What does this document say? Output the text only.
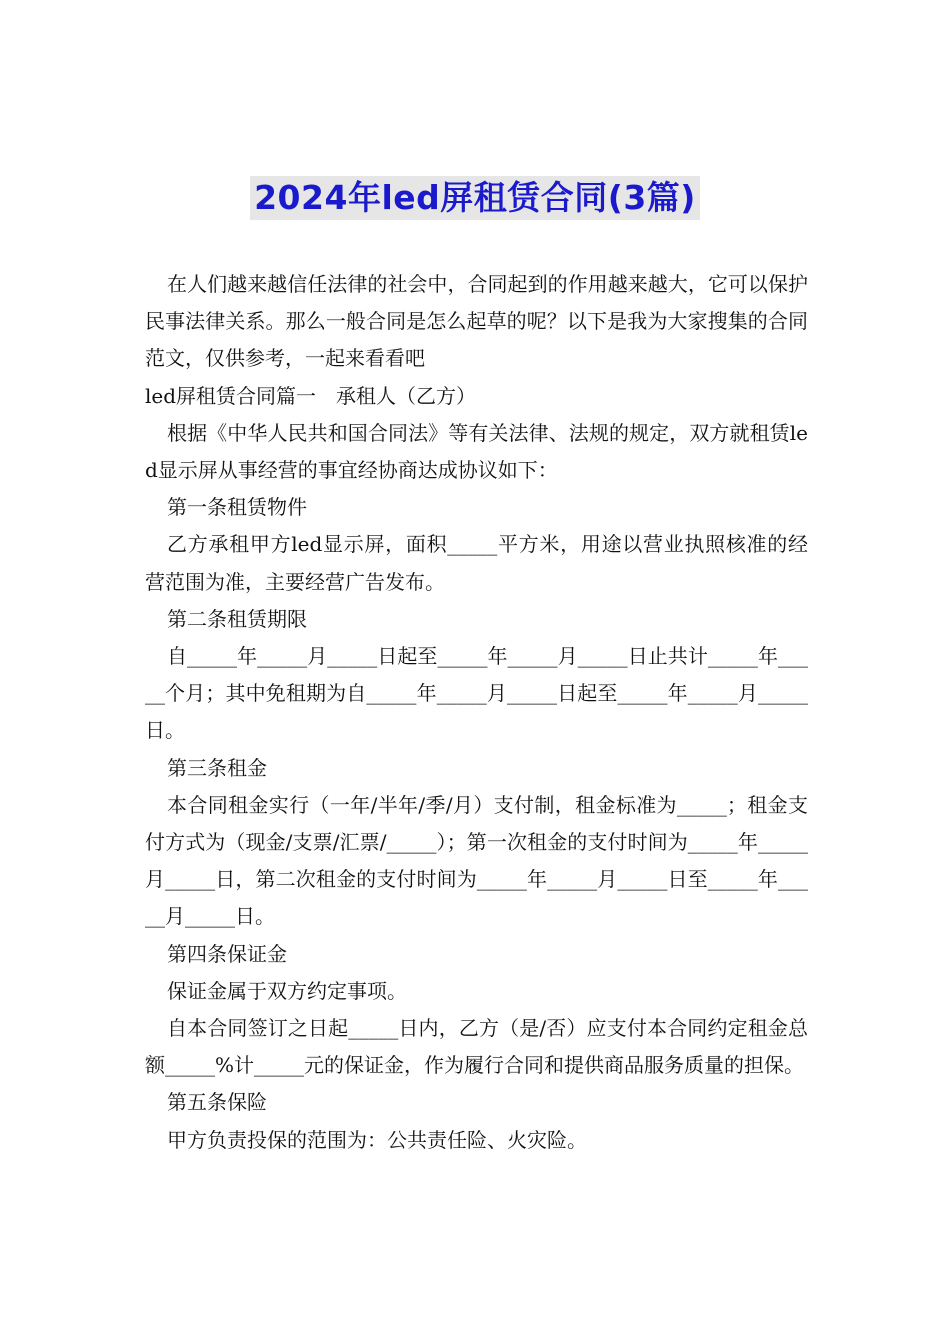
2024年led屏租赁合同(3篇)

在人们越来越信任法律的社会中，合同起到的作用越来越大，它可以保护民事法律关系。那么一般合同是怎么起草的呢？以下是我为大家搜集的合同范文，仅供参考，一起来看看吧

led屏租赁合同篇一　承租人（乙方）

根据《中华人民共和国合同法》等有关法律、法规的规定，双方就租赁led显示屏从事经营的事宜经协商达成协议如下：

第一条租赁物件

乙方承租甲方led显示屏，面积_____平方米，用途以营业执照核准的经营范围为准，主要经营广告发布。

第二条租赁期限

自_____年_____月_____日起至_____年_____月_____日止共计_____年_____个月；其中免租期为自_____年_____月_____日起至_____年_____月_____日。

第三条租金

本合同租金实行（一年/半年/季/月）支付制，租金标准为_____；租金支付方式为（现金/支票/汇票/_____）；第一次租金的支付时间为_____年_____月_____日，第二次租金的支付时间为_____年_____月_____日至_____年_____月_____日。

第四条保证金

保证金属于双方约定事项。

自本合同签订之日起_____日内，乙方（是/否）应支付本合同约定租金总额_____%计_____元的保证金，作为履行合同和提供商品服务质量的担保。

第五条保险

甲方负责投保的范围为：公共责任险、火灾险。
